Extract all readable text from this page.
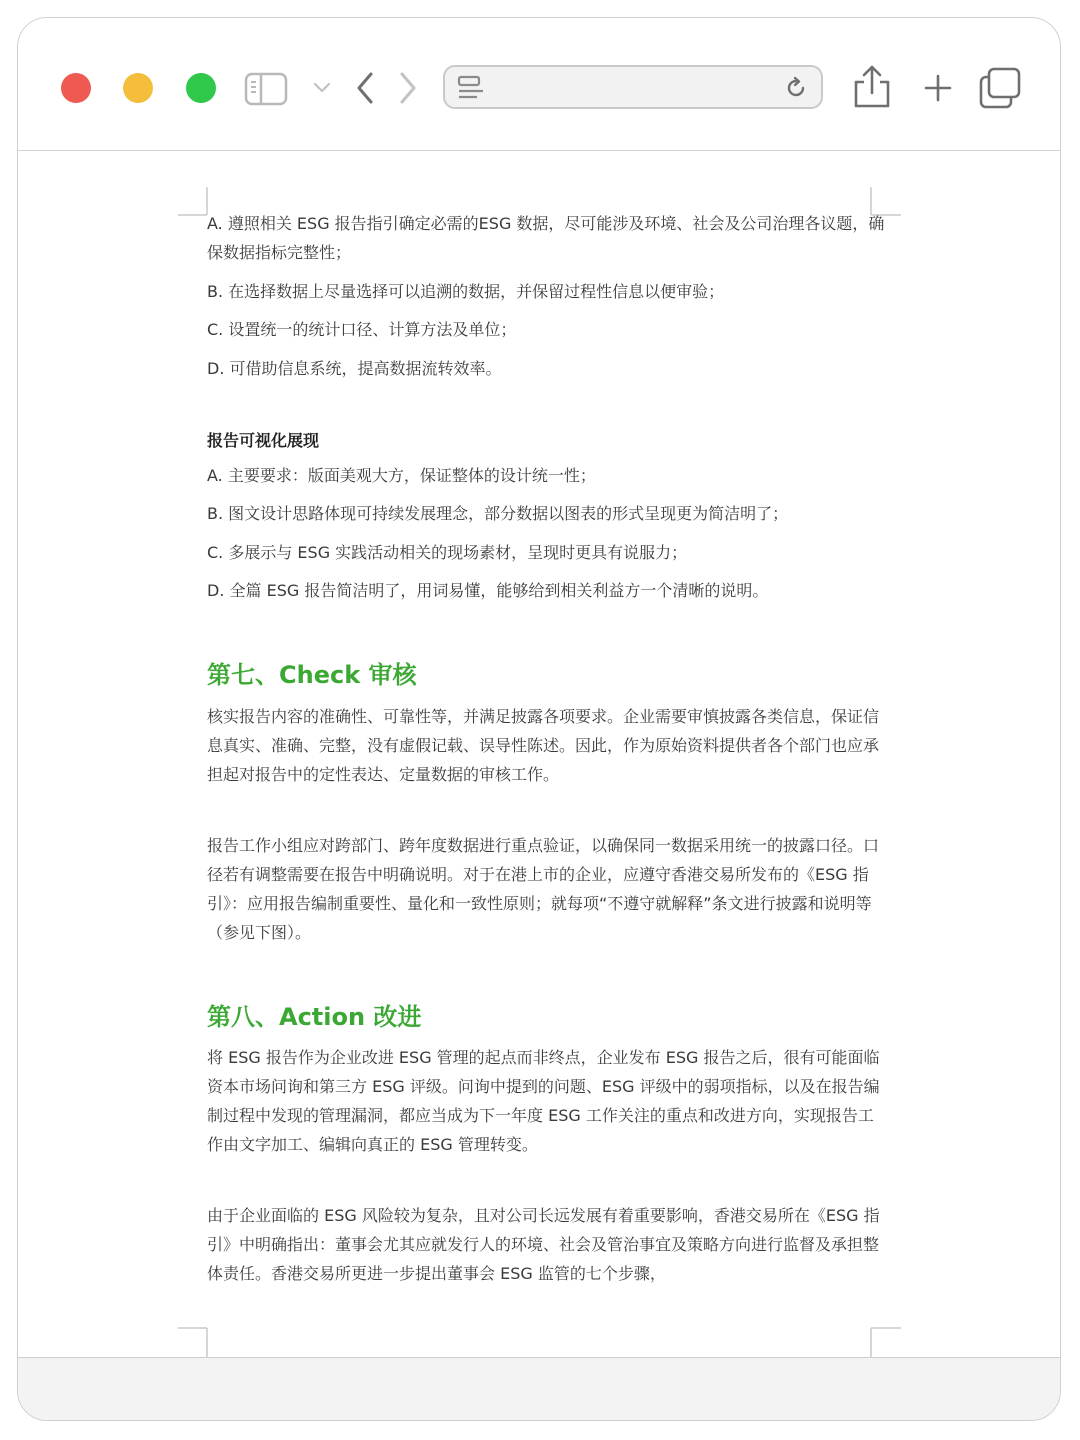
A. 遵照相关 ESG 报告指引确定必需的ESG 数据，尽可能涉及环境、社会及公司治理各议题，确保数据指标完整性；

B. 在选择数据上尽量选择可以追溯的数据，并保留过程性信息以便审验；

C. 设置统一的统计口径、计算方法及单位；

D. 可借助信息系统，提高数据流转效率。

报告可视化展现

A. 主要要求：版面美观大方，保证整体的设计统一性；

B. 图文设计思路体现可持续发展理念，部分数据以图表的形式呈现更为简洁明了；

C. 多展示与 ESG 实践活动相关的现场素材，呈现时更具有说服力；

D. 全篇 ESG 报告简洁明了，用词易懂，能够给到相关利益方一个清晰的说明。

第七、Check 审核

核实报告内容的准确性、可靠性等，并满足披露各项要求。企业需要审慎披露各类信息，保证信息真实、准确、完整，没有虚假记载、误导性陈述。因此，作为原始资料提供者各个部门也应承担起对报告中的定性表达、定量数据的审核工作。

报告工作小组应对跨部门、跨年度数据进行重点验证，以确保同一数据采用统一的披露口径。口径若有调整需要在报告中明确说明。对于在港上市的企业，应遵守香港交易所发布的《ESG 指引》：应用报告编制重要性、量化和一致性原则；就每项“不遵守就解释”条文进行披露和说明等（参见下图）。

第八、Action 改进

将 ESG 报告作为企业改进 ESG 管理的起点而非终点，企业发布 ESG 报告之后，很有可能面临资本市场问询和第三方 ESG 评级。问询中提到的问题、ESG 评级中的弱项指标，以及在报告编制过程中发现的管理漏洞，都应当成为下一年度 ESG 工作关注的重点和改进方向，实现报告工作由文字加工、编辑向真正的 ESG 管理转变。

由于企业面临的 ESG 风险较为复杂，且对公司长远发展有着重要影响，香港交易所在《ESG 指引》中明确指出：董事会尤其应就发行人的环境、社会及管治事宜及策略方向进行监督及承担整体责任。香港交易所更进一步提出董事会 ESG 监管的七个步骤，
